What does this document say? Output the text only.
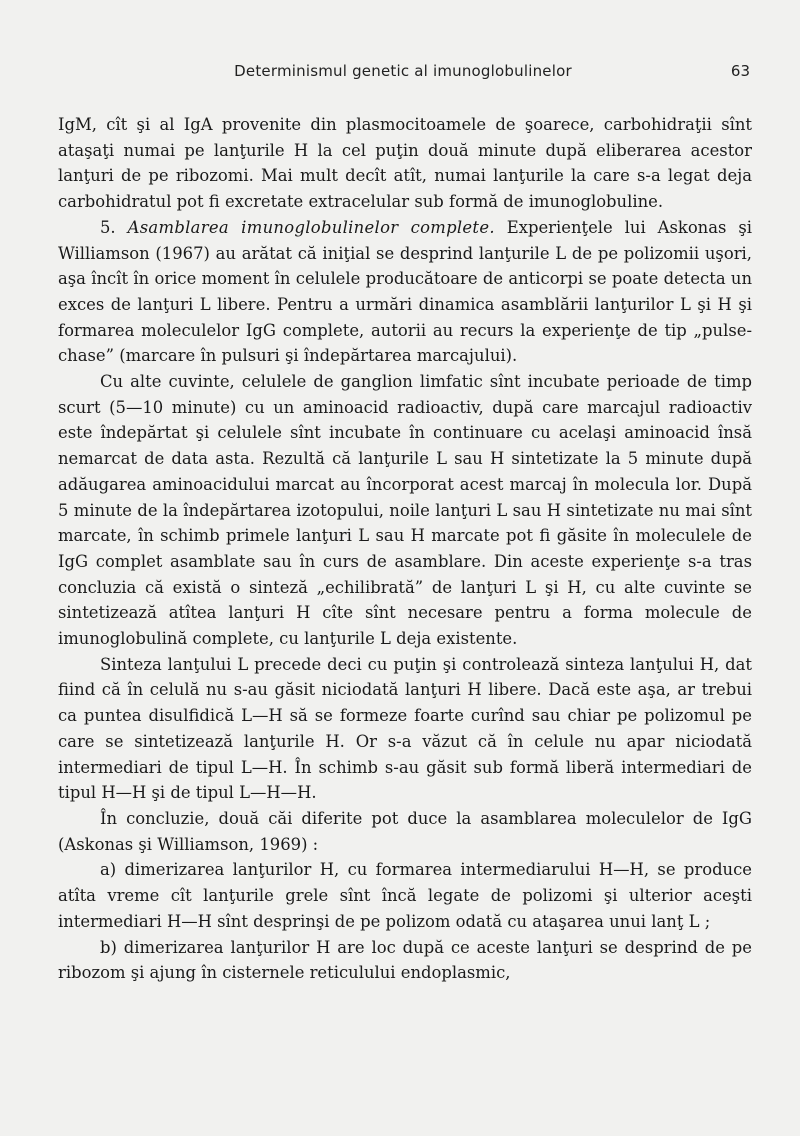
Determinismul genetic al imunoglobulinelor	63

IgM, cît şi al IgA provenite din plasmocitoamele de şoarece, carbohidraţii sînt ataşaţi numai pe lanţurile H la cel puţin două minute după eliberarea acestor lanţuri de pe ribozomi. Mai mult decît atît, numai lanţurile la care s-a legat deja carbohidratul pot fi excretate extracelular sub formă de imunoglobuline.

5. Asamblarea imunoglobulinelor complete. Experienţele lui Askonas şi Williamson (1967) au arătat că iniţial se desprind lanţurile L de pe polizomii uşori, aşa încît în orice moment în celulele producătoare de anticorpi se poate detecta un exces de lanţuri L libere. Pentru a urmări dinamica asamblării lanţurilor L şi H şi formarea moleculelor IgG complete, autorii au recurs la experienţe de tip „pulse-chase” (marcare în pulsuri şi îndepărtarea marcajului).

Cu alte cuvinte, celulele de ganglion limfatic sînt incubate perioade de timp scurt (5—10 minute) cu un aminoacid radioactiv, după care marcajul radioactiv este îndepărtat şi celulele sînt incubate în continuare cu acelaşi aminoacid însă nemarcat de data asta. Rezultă că lanţurile L sau H sintetizate la 5 minute după adăugarea aminoacidului marcat au încorporat acest marcaj în molecula lor. După 5 minute de la îndepărtarea izotopului, noile lanţuri L sau H sintetizate nu mai sînt marcate, în schimb primele lanţuri L sau H marcate pot fi găsite în moleculele de IgG complet asamblate sau în curs de asamblare. Din aceste experienţe s-a tras concluzia că există o sinteză „echilibrată” de lanţuri L şi H, cu alte cuvinte se sintetizează atîtea lanţuri H cîte sînt necesare pentru a forma molecule de imunoglobulină complete, cu lanţurile L deja existente.

Sinteza lanţului L precede deci cu puţin şi controlează sinteza lanţului H, dat fiind că în celulă nu s-au găsit niciodată lanţuri H libere. Dacă este aşa, ar trebui ca puntea disulfidică L—H să se formeze foarte curînd sau chiar pe polizomul pe care se sintetizează lanţurile H. Or s-a văzut că în celule nu apar niciodată intermediari de tipul L—H. În schimb s-au găsit sub formă liberă intermediari de tipul H—H şi de tipul L—H—H.

În concluzie, două căi diferite pot duce la asamblarea moleculelor de IgG (Askonas şi Williamson, 1969) :

a) dimerizarea lanţurilor H, cu formarea intermediarului H—H, se produce atîta vreme cît lanţurile grele sînt încă legate de polizomi şi ulterior aceşti intermediari H—H sînt desprinşi de pe polizom odată cu ataşarea unui lanţ L ;

b) dimerizarea lanţurilor H are loc după ce aceste lanţuri se desprind de pe ribozom şi ajung în cisternele reticulului endoplasmic,
